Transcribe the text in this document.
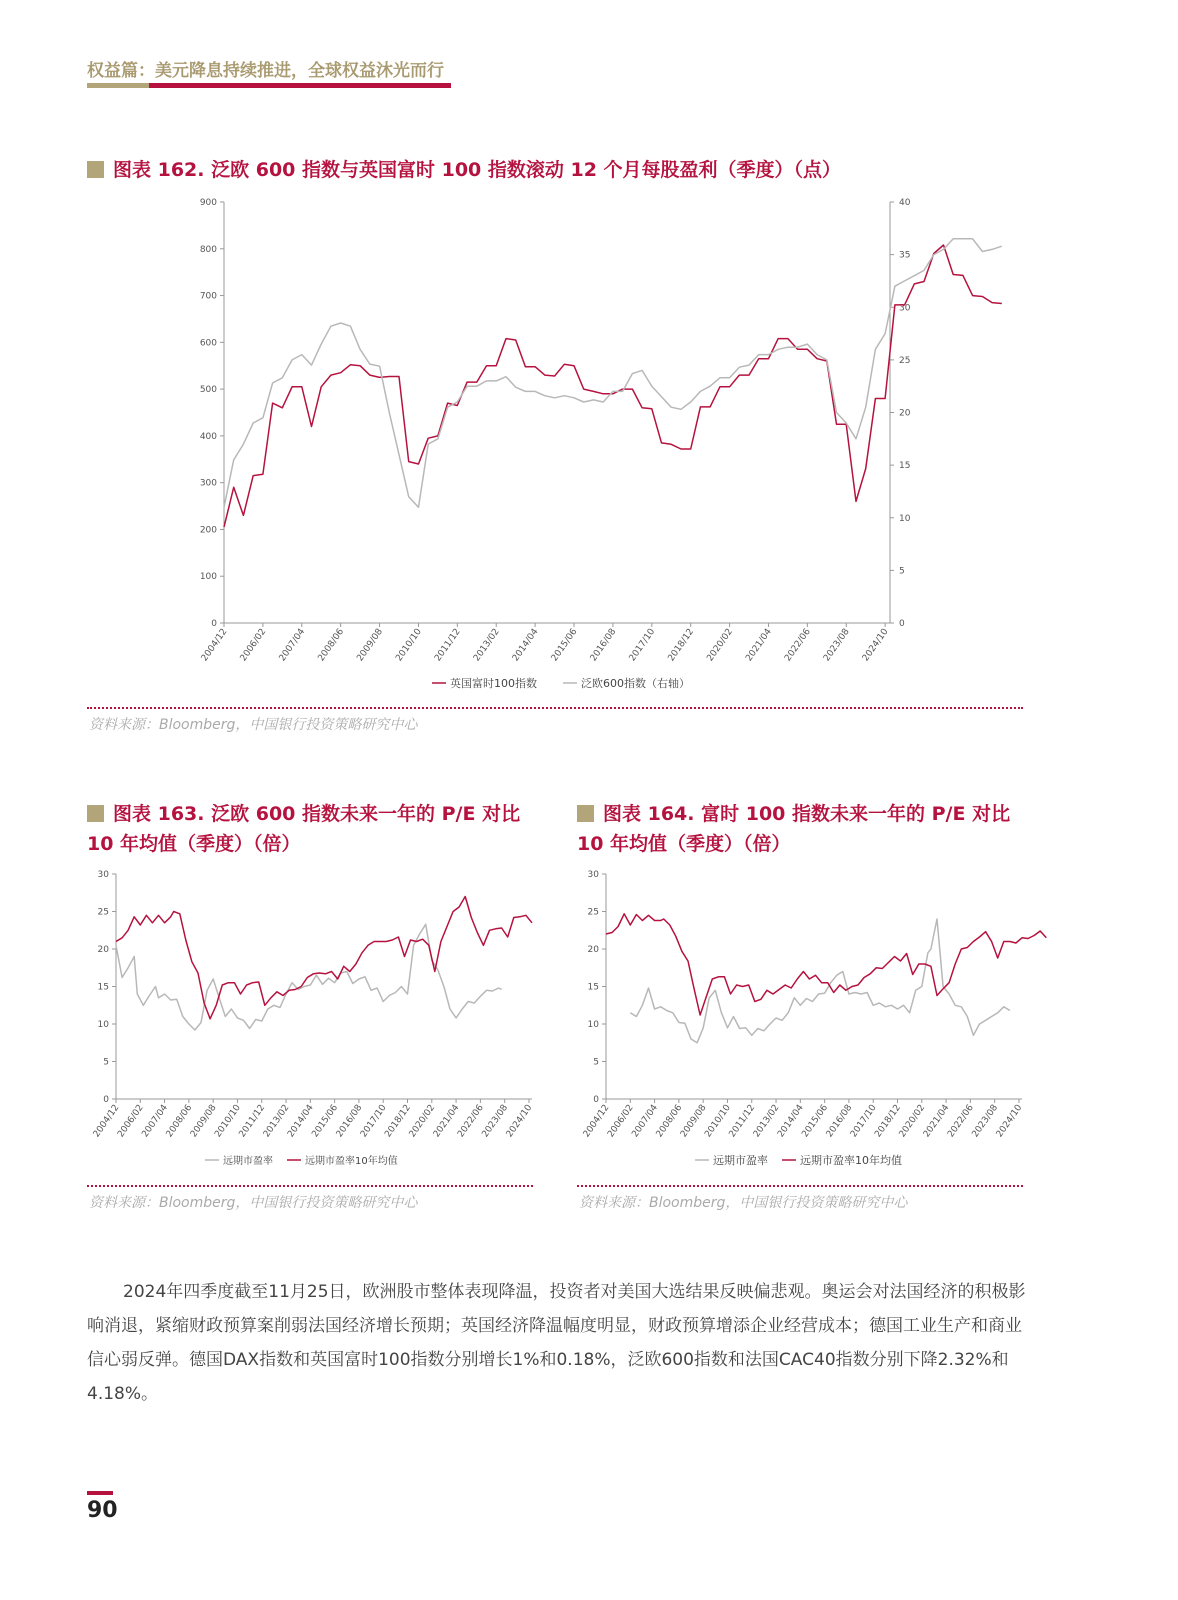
权益篇：美元降息持续推进，全球权益沐光而行
图表 162. 泛欧 600 指数与英国富时 100 指数滚动 12 个月每股盈利（季度）（点）
0
100
200
300
400
500
600
700
800
900
0
5
10
15
20
25
30
35
40
2004/12 2006/02 2007/04 2008/06 2009/08 2010/10 2011/12 2013/02 2014/04 2015/06 2016/08 2017/10 2018/12 2020/02 2021/04 2022/06 2023/08 2024/10
英国富时100指数	泛欧600指数（右轴）
资料来源：Bloomberg，中国银行投资策略研究中心
图表 163. 泛欧 600 指数未来一年的 P/E 对比
10 年均值（季度）（倍）
0
5
10
15
20
25
30
2004/12
2006/02
2007/04
2008/06
2009/08
2010/10
2011/12
2013/02
2014/04
2015/06
2016/08
2017/10
2018/12
2020/02
2021/04
2022/06
2023/08
2024/10
远期市盈率	远期市盈率10年均值
资料来源：Bloomberg，中国银行投资策略研究中心
图表 164. 富时 100 指数未来一年的 P/E 对比
10 年均值（季度）（倍）
0
5
10
15
20
25
30
2004/12
2006/02
2007/04
2008/06
2009/08
2010/10
2011/12
2013/02
2014/04
2015/06
2016/08
2017/10
2018/12
2020/02
2021/04
2022/06
2023/08
2024/10
远期市盈率	远期市盈率10年均值
资料来源：Bloomberg，中国银行投资策略研究中心
2024年四季度截至11月25日，欧洲股市整体表现降温，投资者对美国大选结果反映偏悲观。奥运会对法国经济的积极影响消退，紧缩财政预算案削弱法国经济增长预期；英国经济降温幅度明显，财政预算增添企业经营成本；德国工业生产和商业信心弱反弹。德国DAX指数和英国富时100指数分别增长1%和0.18%，泛欧600指数和法国CAC40指数分别下降2.32%和4.18%。
90
